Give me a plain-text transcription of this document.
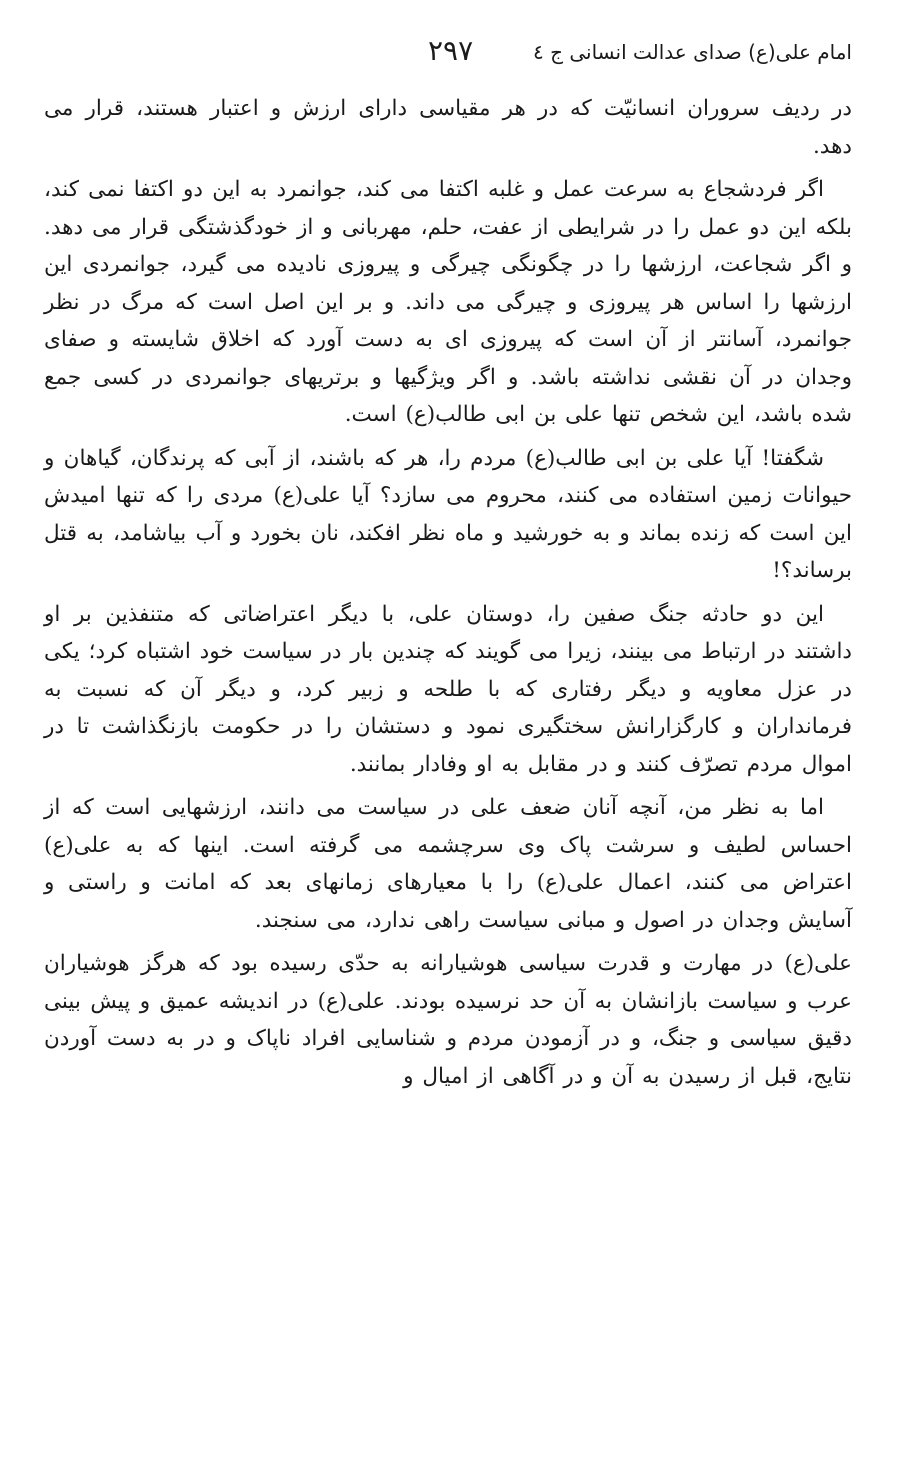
امام علی(ع) صدای عدالت انسانی ج ٤
٢٩٧

در ردیف سروران انسانیّت که در هر مقیاسی دارای ارزش و اعتبار هستند، قرار می دهد.

اگر فردشجاع به سرعت عمل و غلبه اکتفا می کند، جوانمرد به این دو اکتفا نمی کند، بلکه این دو عمل را در شرایطی از عفت، حلم، مهربانی و از خودگذشتگی قرار می دهد. و اگر شجاعت، ارزشها را در چگونگی چیرگی و پیروزی نادیده می گیرد، جوانمردی این ارزشها را اساس هر پیروزی و چیرگی می داند. و بر این اصل است که مرگ در نظر جوانمرد، آسانتر از آن است که پیروزی ای به دست آورد که اخلاق شایسته و صفای وجدان در آن نقشی نداشته باشد. و اگر ویژگیها و برتریهای جوانمردی در کسی جمع شده باشد، این شخص تنها علی بن ابی طالب(ع) است.

شگفتا! آیا علی بن ابی طالب(ع) مردم را، هر که باشند، از آبی که پرندگان، گیاهان و حیوانات زمین استفاده می کنند، محروم می سازد؟ آیا علی(ع) مردی را که تنها امیدش این است که زنده بماند و به خورشید و ماه نظر افکند، نان بخورد و آب بیاشامد، به قتل برساند؟!

این دو حادثه جنگ صفین را، دوستان علی، با دیگر اعتراضاتی که متنفذین بر او داشتند در ارتباط می بینند، زیرا می گویند که چندین بار در سیاست خود اشتباه کرد؛ یکی در عزل معاویه و دیگر رفتاری که با طلحه و زبیر کرد، و دیگر آن که نسبت به فرمانداران و کارگزارانش سختگیری نمود و دستشان را در حکومت بازنگذاشت تا در اموال مردم تصرّف کنند و در مقابل به او وفادار بمانند.

اما به نظر من، آنچه آنان ضعف علی در سیاست می دانند، ارزشهایی است که از احساس لطیف و سرشت پاک وی سرچشمه می گرفته است. اینها که به علی(ع) اعتراض می کنند، اعمال علی(ع) را با معیارهای زمانهای بعد که امانت و راستی و آسایش وجدان در اصول و مبانی سیاست راهی ندارد، می سنجند.

علی(ع) در مهارت و قدرت سیاسی هوشیارانه به حدّی رسیده بود که هرگز هوشیاران عرب و سیاست بازانشان به آن حد نرسیده بودند. علی(ع) در اندیشه عمیق و پیش بینی دقیق سیاسی و جنگ، و در آزمودن مردم و شناسایی افراد ناپاک و در به دست آوردن نتایج، قبل از رسیدن به آن و در آگاهی از امیال و
